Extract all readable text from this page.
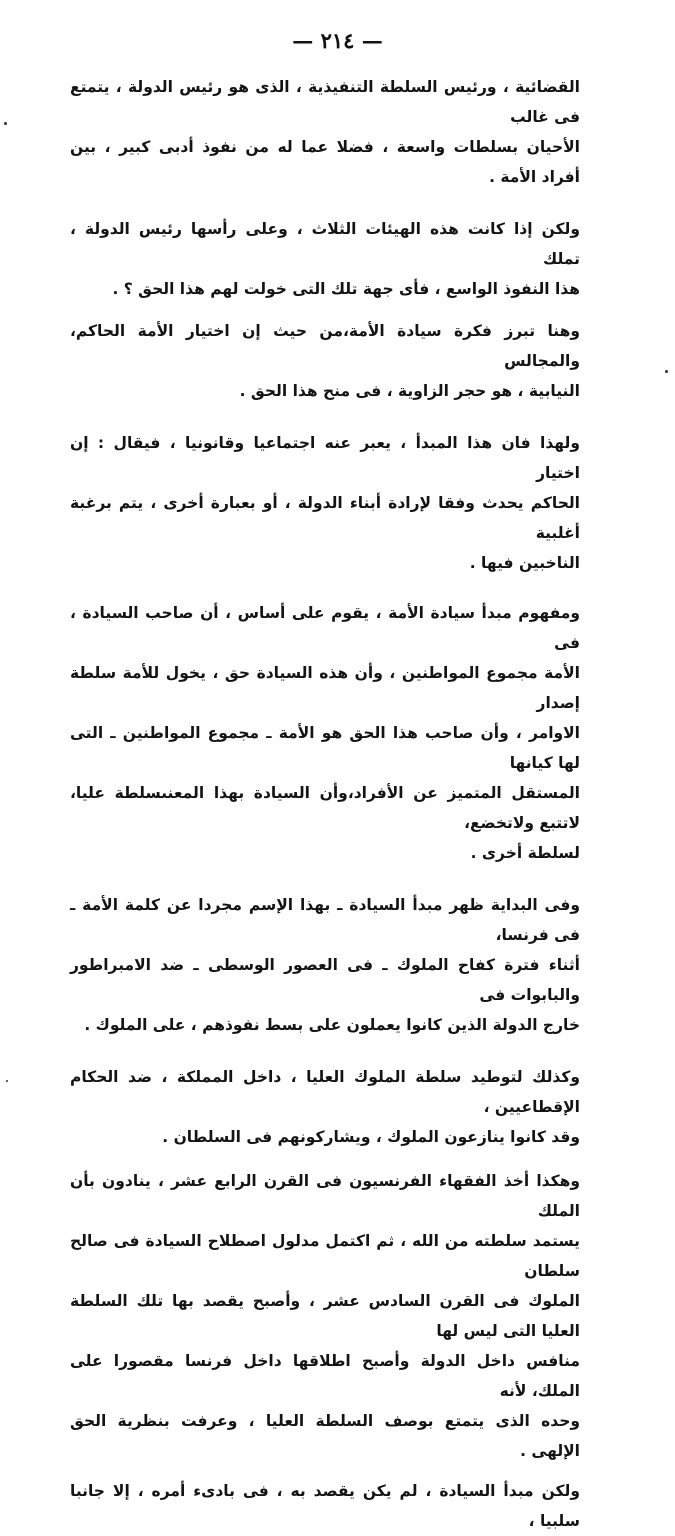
— ٢١٤ —

القضائية ، ورئيس السلطة التنفيذية ، الذى هو رئيس الدولة ، يتمتع فى غالب
الأحيان بسلطات واسعة ، فضلا عما له من نفوذ أدبى كبير ، بين أفراد الأمة .

ولكن إذا كانت هذه الهيئات الثلاث ، وعلى رأسها رئيس الدولة ، تملك
هذا النفوذ الواسع ، فأى جهة تلك التى خولت لهم هذا الحق ؟ .

وهنا تبرز فكرة سيادة الأمة،من حيث إن اختيار الأمة الحاكم، والمجالس
النيابية ، هو حجر الزاوية ، فى منح هذا الحق .

ولهذا فان هذا المبدأ ، يعبر عنه اجتماعيا وقانونيا ، فيقال : إن اختيار
الحاكم يحدث وفقا لإرادة أبناء الدولة ، أو بعبارة أخرى ، يتم برغبة أغلبية
الناخبين فيها .

ومفهوم مبدأ سيادة الأمة ، يقوم على أساس ، أن صاحب السيادة ، فى
الأمة مجموع المواطنين ، وأن هذه السيادة حق ، يخول للأمة سلطة إصدار
الاوامر ، وأن صاحب هذا الحق هو الأمة ـ مجموع المواطنين ـ التى لها كيانها
المستقل المتميز عن الأفراد،وأن السيادة بهذا المعنىسلطة عليا، لاتتبع ولاتخضع،
لسلطة أخرى .

وفى البداية ظهر مبدأ السيادة ـ بهذا الإسم مجردا عن كلمة الأمة ـ فى فرنسا،
أثناء فترة كفاح الملوك ـ فى العصور الوسطى ـ ضد الامبراطور والبابوات فى
خارج الدولة الذين كانوا يعملون على بسط نفوذهم ، على الملوك .

وكذلك لتوطيد سلطة الملوك العليا ، داخل المملكة ، ضد الحكام الإقطاعيين ،
وقد كانوا ينازعون الملوك ، ويشاركونهم فى السلطان .

وهكذا أخذ الفقهاء الفرنسيون فى القرن الرابع عشر ، ينادون بأن الملك
يستمد سلطته من الله ، ثم اكتمل مدلول اصطلاح السيادة فى صالح سلطان
الملوك فى القرن السادس عشر ، وأصبح يقصد بها تلك السلطة العليا التى ليس لها
منافس داخل الدولة وأصبح اطلاقها داخل فرنسا مقصورا على الملك، لأنه
وحده الذى يتمتع بوصف السلطة العليا ، وعرفت بنظرية الحق الإلهى .

ولكن مبدأ السيادة ، لم يكن يقصد به ، فى بادىء أمره ، إلا جانبا سلبيا ،
